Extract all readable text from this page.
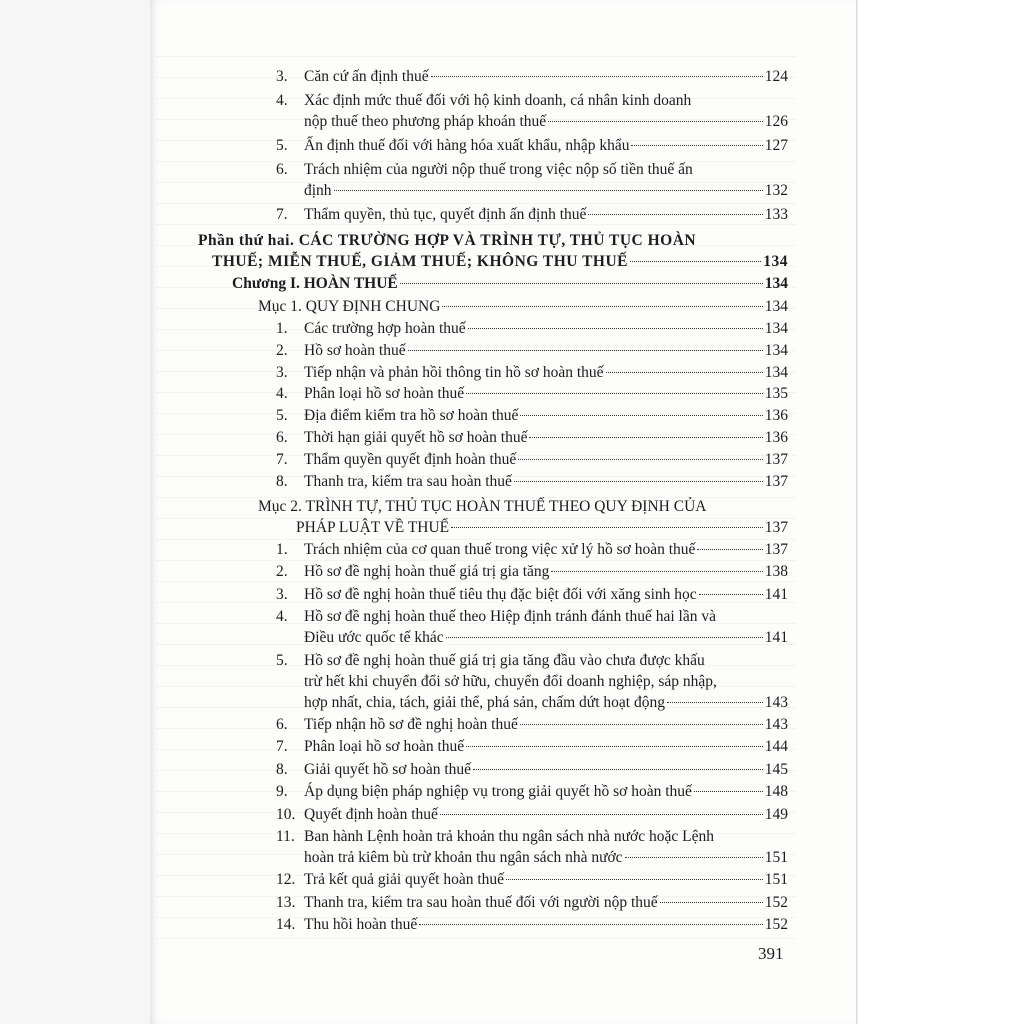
3.	Căn cứ ấn định thuế	124
4.	Xác định mức thuế đối với hộ kinh doanh, cá nhân kinh doanh
nộp thuế theo phương pháp khoán thuế	126
5.	Ấn định thuế đối với hàng hóa xuất khẩu, nhập khẩu	127
6.	Trách nhiệm của người nộp thuế trong việc nộp số tiền thuế ấn
định	132
7.	Thẩm quyền, thủ tục, quyết định ấn định thuế	133
Phần thứ hai. CÁC TRƯỜNG HỢP VÀ TRÌNH TỰ, THỦ TỤC HOÀN
THUẾ; MIỄN THUẾ, GIẢM THUẾ; KHÔNG THU THUẾ	134
Chương I. HOÀN THUẾ	134
Mục 1. QUY ĐỊNH CHUNG	134
1.	Các trường hợp hoàn thuế	134
2.	Hồ sơ hoàn thuế	134
3.	Tiếp nhận và phản hồi thông tin hồ sơ hoàn thuế	134
4.	Phân loại hồ sơ hoàn thuế	135
5.	Địa điểm kiểm tra hồ sơ hoàn thuế	136
6.	Thời hạn giải quyết hồ sơ hoàn thuế	136
7.	Thẩm quyền quyết định hoàn thuế	137
8.	Thanh tra, kiểm tra sau hoàn thuế	137
Mục 2. TRÌNH TỰ, THỦ TỤC HOÀN THUẾ THEO QUY ĐỊNH CỦA
PHÁP LUẬT VỀ THUẾ	137
1.	Trách nhiệm của cơ quan thuế trong việc xử lý hồ sơ hoàn thuế	137
2.	Hồ sơ đề nghị hoàn thuế giá trị gia tăng	138
3.	Hồ sơ đề nghị hoàn thuế tiêu thụ đặc biệt đối với xăng sinh học	141
4.	Hồ sơ đề nghị hoàn thuế theo Hiệp định tránh đánh thuế hai lần và
Điều ước quốc tế khác	141
5.	Hồ sơ đề nghị hoàn thuế giá trị gia tăng đầu vào chưa được khấu
trừ hết khi chuyển đổi sở hữu, chuyển đổi doanh nghiệp, sáp nhập,
hợp nhất, chia, tách, giải thể, phá sản, chấm dứt hoạt động	143
6.	Tiếp nhận hồ sơ đề nghị hoàn thuế	143
7.	Phân loại hồ sơ hoàn thuế	144
8.	Giải quyết hồ sơ hoàn thuế	145
9.	Áp dụng biện pháp nghiệp vụ trong giải quyết hồ sơ hoàn thuế	148
10. Quyết định hoàn thuế	149
11. Ban hành Lệnh hoàn trả khoản thu ngân sách nhà nước hoặc Lệnh
hoàn trả kiêm bù trừ khoản thu ngân sách nhà nước	151
12. Trả kết quả giải quyết hoàn thuế	151
13. Thanh tra, kiểm tra sau hoàn thuế đối với người nộp thuế	152
14. Thu hồi hoàn thuế	152
391
